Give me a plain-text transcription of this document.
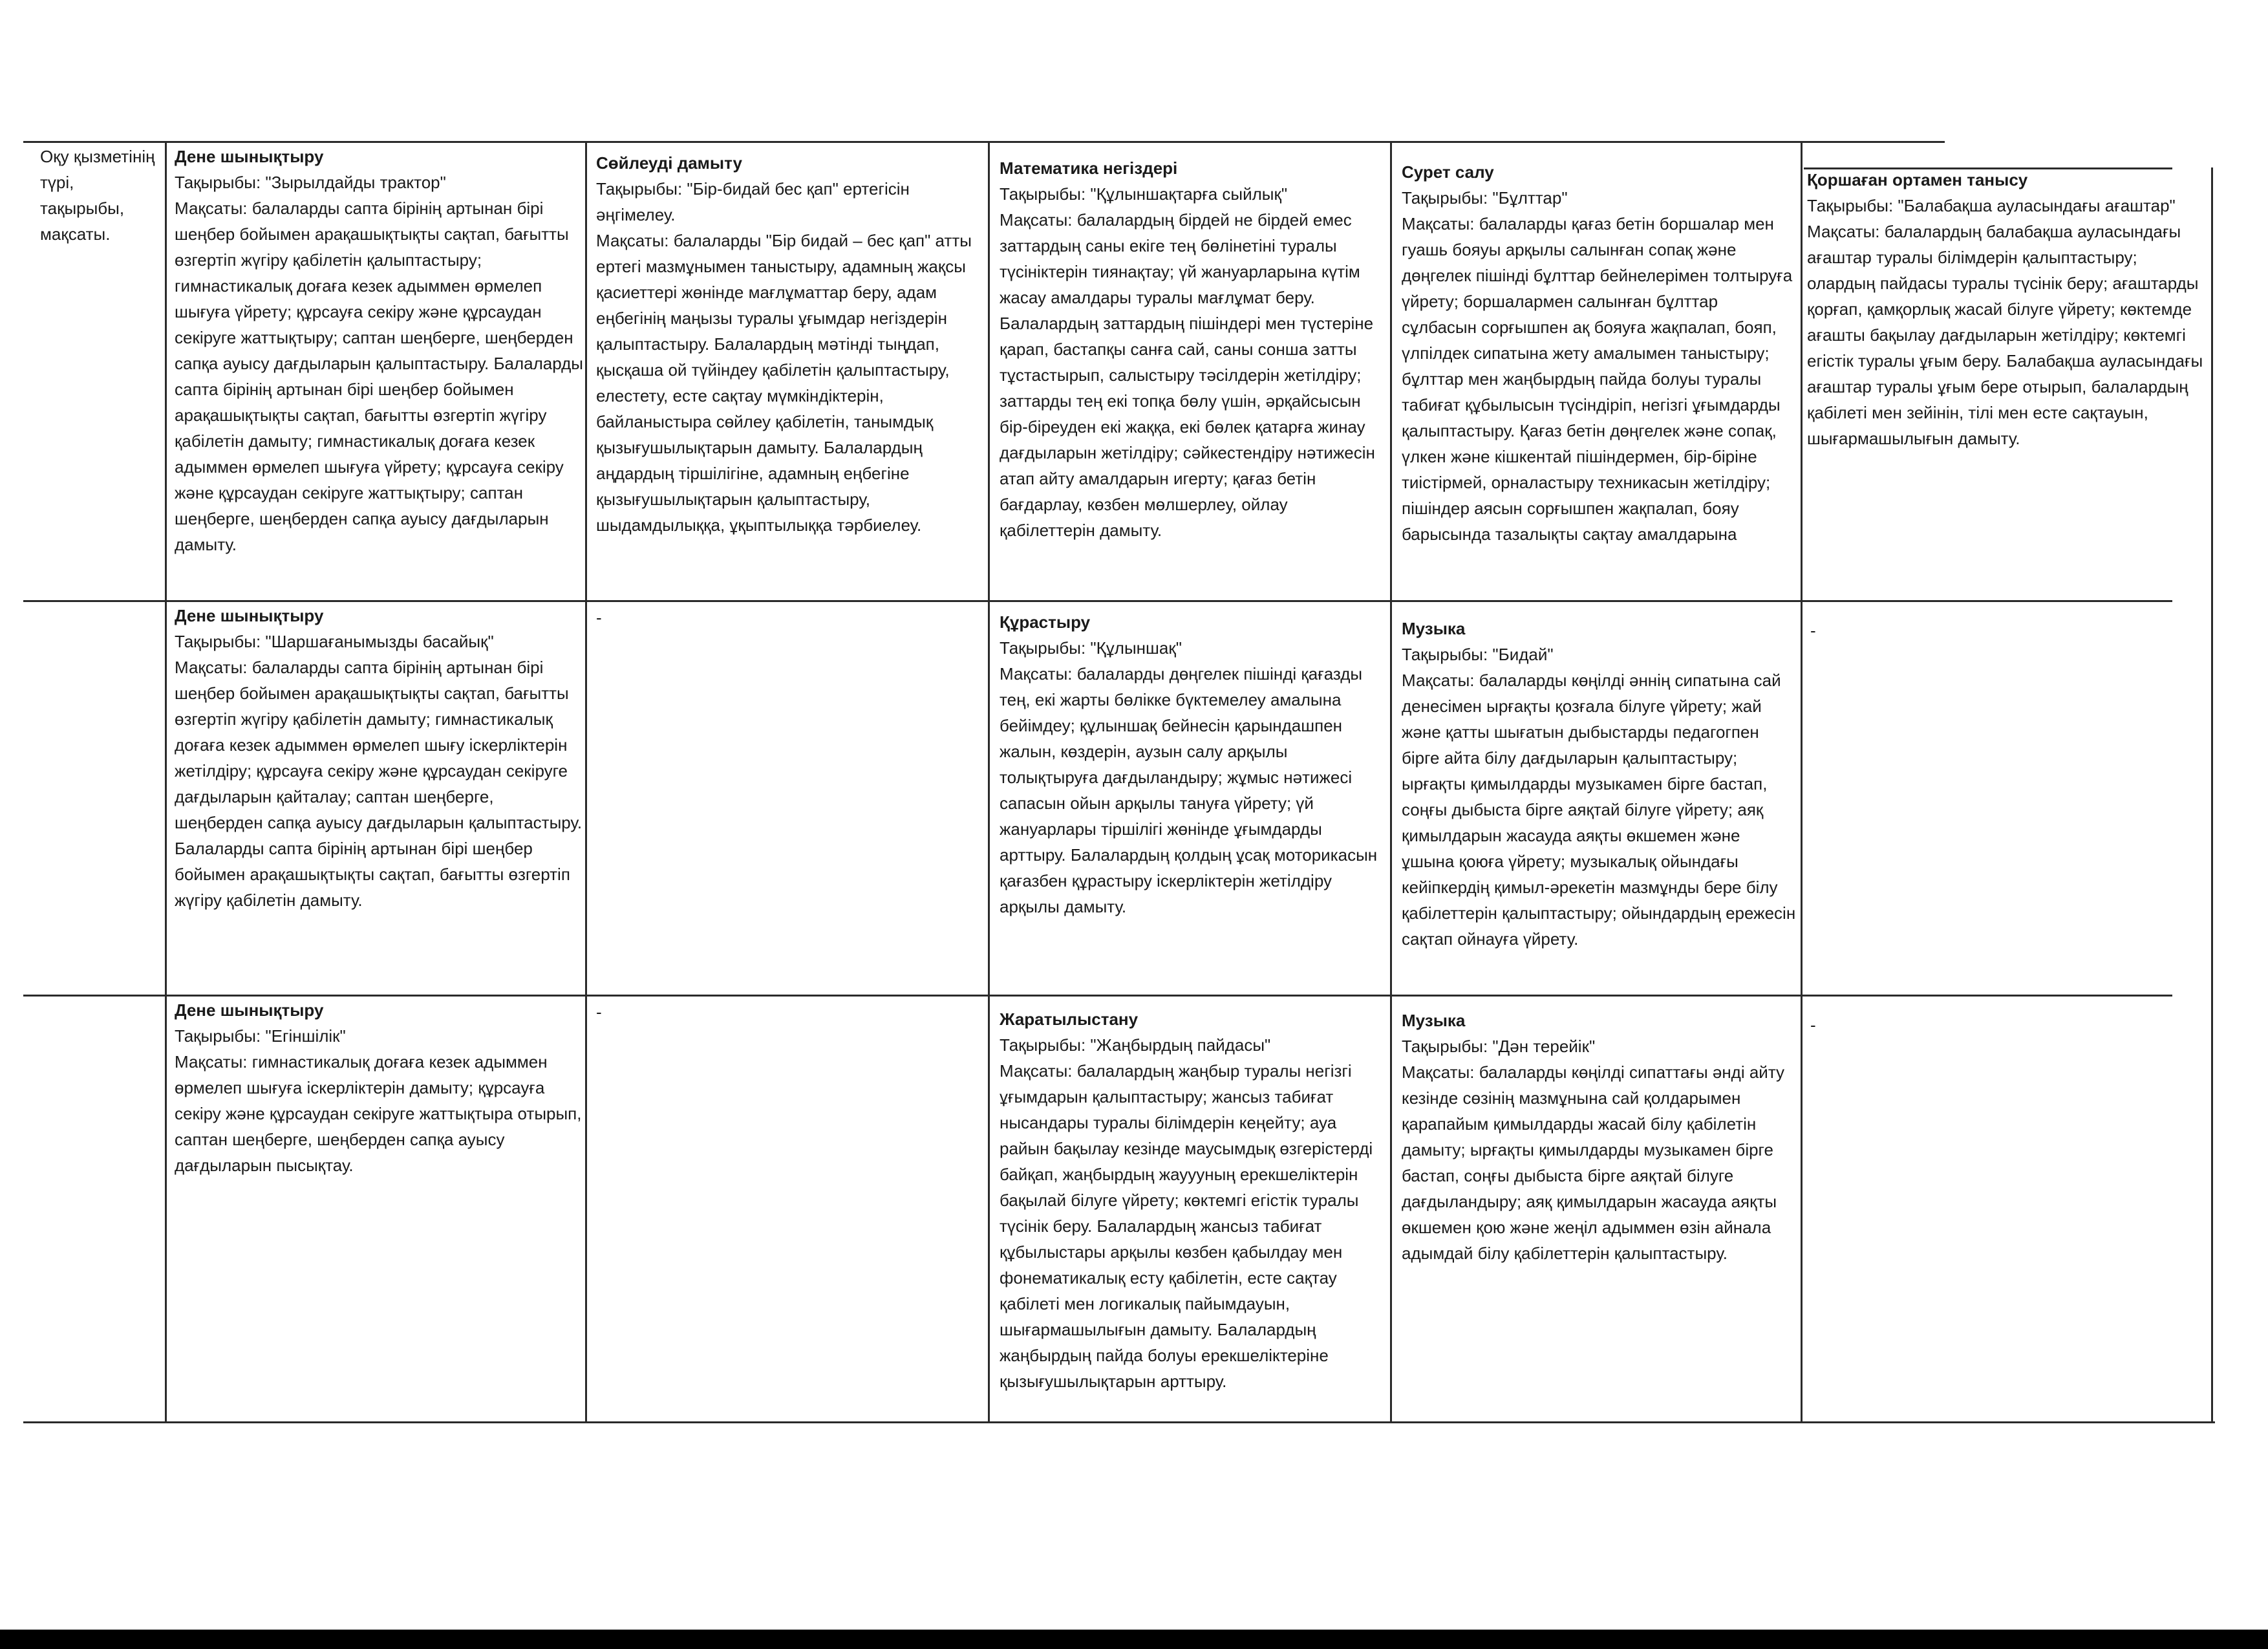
Оқу қызметінің түрі, тақырыбы, мақсаты.
Дене шынықтыру
Тақырыбы: "Зырылдайды трактор"
Мақсаты: балаларды сапта бірінің артынан бірі шеңбер бойымен арақашықтықты сақтап, бағытты өзгертіп жүгіру қабілетін қалыптастыру; гимнастикалық доғаға кезек адыммен өрмелеп шығуға үйрету; құрсауға секіру және құрсаудан секіруге жаттықтыру; саптан шеңберге, шеңберден сапқа ауысу дағдыларын қалыптастыру. Балаларды сапта бірінің артынан бірі шеңбер бойымен арақашықтықты сақтап, бағытты өзгертіп жүгіру қабілетін дамыту; гимнастикалық доғаға кезек адыммен өрмелеп шығуға үйрету; құрсауға секіру және құрсаудан секіруге жаттықтыру; саптан шеңберге, шеңберден сапқа ауысу дағдыларын дамыту.
Сөйлеуді дамыту
Тақырыбы: "Бір-бидай бес қап" ертегісін әңгімелеу.
Мақсаты: балаларды "Бір бидай – бес қап" атты ертегі мазмұнымен таныстыру, адамның жақсы қасиеттері жөнінде мағлұматтар беру, адам еңбегінің маңызы туралы ұғымдар негіздерін қалыптастыру. Балалардың мәтінді тыңдап, қысқаша ой түйіндеу қабілетін қалыптастыру, елестету, есте сақтау мүмкіндіктерін, байланыстыра сөйлеу қабілетін, танымдық қызығушылықтарын дамыту. Балалардың аңдардың тіршілігіне, адамның еңбегіне қызығушылықтарын қалыптастыру, шыдамдылыққа, ұқыптылыққа тәрбиелеу.
Математика негіздері
Тақырыбы: "Құлыншақтарға сыйлық"
Мақсаты: балалардың бірдей не бірдей емес заттардың саны екіге тең бөлінетіні туралы түсініктерін тиянақтау; үй жануарларына күтім жасау амалдары туралы мағлұмат беру. Балалардың заттардың пішіндері мен түстеріне қарап, бастапқы санға сай, саны соншa затты тұстастырып, салыстыру тәсілдерін жетілдіру; заттарды тең екі топқа бөлу үшін, әрқайсысын бір-біреуден екі жаққа, екі бөлек қатарға жинау дағдыларын жетілдіру; сәйкестендіру нәтижесін атап айту амалдарын игерту; қағаз бетін бағдарлау, көзбен мөлшерлеу, ойлау қабілеттерін дамыту.
Сурет салу
Тақырыбы: "Бұлттар"
Мақсаты: балаларды қағаз бетін боршалар мен гуашь бояуы арқылы салынған сопақ және дөңгелек пішінді бұлттар бейнелерімен толтыруға үйрету; боршалармен салынған бұлттар сұлбасын сорғышпен ақ бояуға жақпалап, бояп, үлпілдек сипатына жету амалымен таныстыру; бұлттар мен жаңбырдың пайда болуы туралы табиғат құбылысын түсіндіріп, негізгі ұғымдарды қалыптастыру. Қағаз бетін дөңгелек және сопақ, үлкен және кішкентай пішіндермен, бір-біріне тиістірмей, орналастыру техникасын жетілдіру; пішіндер аясын сорғышпен жақпалап, бояу барысында тазалықты сақтау амалдарына
Қоршаған ортамен танысу
Тақырыбы: "Балабақша ауласындағы ағаштар"
Мақсаты: балалардың балабақша ауласындағы ағаштар туралы білімдерін қалыптастыру; олардың пайдасы туралы түсінік беру; ағаштарды қорғап, қамқорлық жасай білуге үйрету; көктемде ағашты бақылау дағдыларын жетілдіру; көктемгі егістік туралы ұғым беру. Балабақша ауласындағы ағаштар туралы ұғым бере отырып, балалардың қабілеті мен зейінін, тілі мен есте сақтауын, шығармашылығын дамыту.
Дене шынықтыру
Тақырыбы: "Шаршағанымызды басайық"
Мақсаты: балаларды сапта бірінің артынан бірі шеңбер бойымен арақашықтықты сақтап, бағытты өзгертіп жүгіру қабілетін дамыту; гимнастикалық доғаға кезек адыммен өрмелеп шығу іскерліктерін жетілдіру; құрсауға секіру және құрсаудан секіруге дағдыларын қайталау; саптан шеңберге, шеңберден сапқа ауысу дағдыларын қалыптастыру. Балаларды сапта бірінің артынан бірі шеңбер бойымен арақашықтықты сақтап, бағытты өзгертіп жүгіру қабілетін дамыту.
-	Құрастыру
Тақырыбы: "Құлыншақ"
Мақсаты: балаларды дөңгелек пішінді қағазды тең, екі жарты бөлікке бүктемелеу амалына бейімдеу; құлыншақ бейнесін қарындашпен жалын, көздерін, аузын салу арқылы толықтыруға дағдыландыру; жұмыс нәтижесі сапасын ойын арқылы тануға үйрету; үй жануарлары тіршілігі жөнінде ұғымдарды арттыру. Балалардың қолдың ұсақ моторикасын қағазбен құрастыру іскерліктерін жетілдіру арқылы дамыту.
Музыка
Тақырыбы: "Бидай"
Мақсаты: балаларды көңілді әннің сипатына сай денесімен ырғақты қозғала білуге үйрету; жай және қатты шығатын дыбыстарды педагогпен бірге айта білу дағдыларын қалыптастыру; ырғақты қимылдарды музыкамен бірге бастап, соңғы дыбыста бірге аяқтай білуге үйрету; аяқ қимылдарын жасауда аяқты өкшемен және ұшына қоюға үйрету; музыкалық ойындағы кейіпкердің қимыл-әрекетін мазмұнды бере білу қабілеттерін қалыптастыру; ойындардың ережесін сақтап ойнауға үйрету.
-
Дене шынықтыру
Тақырыбы: "Егіншілік"
Мақсаты: гимнастикалық доғаға кезек адыммен өрмелеп шығуға іскерліктерін дамыту; құрсауға секіру және құрсаудан секіруге жаттықтыра отырып, саптан шеңберге, шеңберден сапқа ауысу дағдыларын пысықтау.
-	Жаратылыстану
Тақырыбы: "Жаңбырдың пайдасы"
Мақсаты: балалардың жаңбыр туралы негізгі ұғымдарын қалыптастыру; жансыз табиғат нысандары туралы білімдерін кеңейту; ауа райын бақылау кезінде маусымдық өзгерістерді байқап, жаңбырдың жауууның ерекшеліктерін бақылай білуге үйрету; көктемгі егістік туралы түсінік беру. Балалардың жансыз табиғат құбылыстары арқылы көзбен қабылдау мен фонематикалық есту қабілетін, есте сақтау қабілеті мен логикалық пайымдауын, шығармашылығын дамыту. Балалардың жаңбырдың пайда болуы ерекшеліктеріне қызығушылықтарын арттыру.
Музыка
Тақырыбы: "Дән терейік"
Мақсаты: балаларды көңілді сипаттағы әнді айту кезінде сөзінің мазмұнына сай қолдарымен қарапайым қимылдарды жасай білу қабілетін дамыту; ырғақты қимылдарды музыкамен бірге бастап, соңғы дыбыста бірге аяқтай білуге дағдыландыру; аяқ қимылдарын жасауда аяқты өкшемен қою және жеңіл адыммен өзін айнала адымдай білу қабілеттерін қалыптастыру.
-
